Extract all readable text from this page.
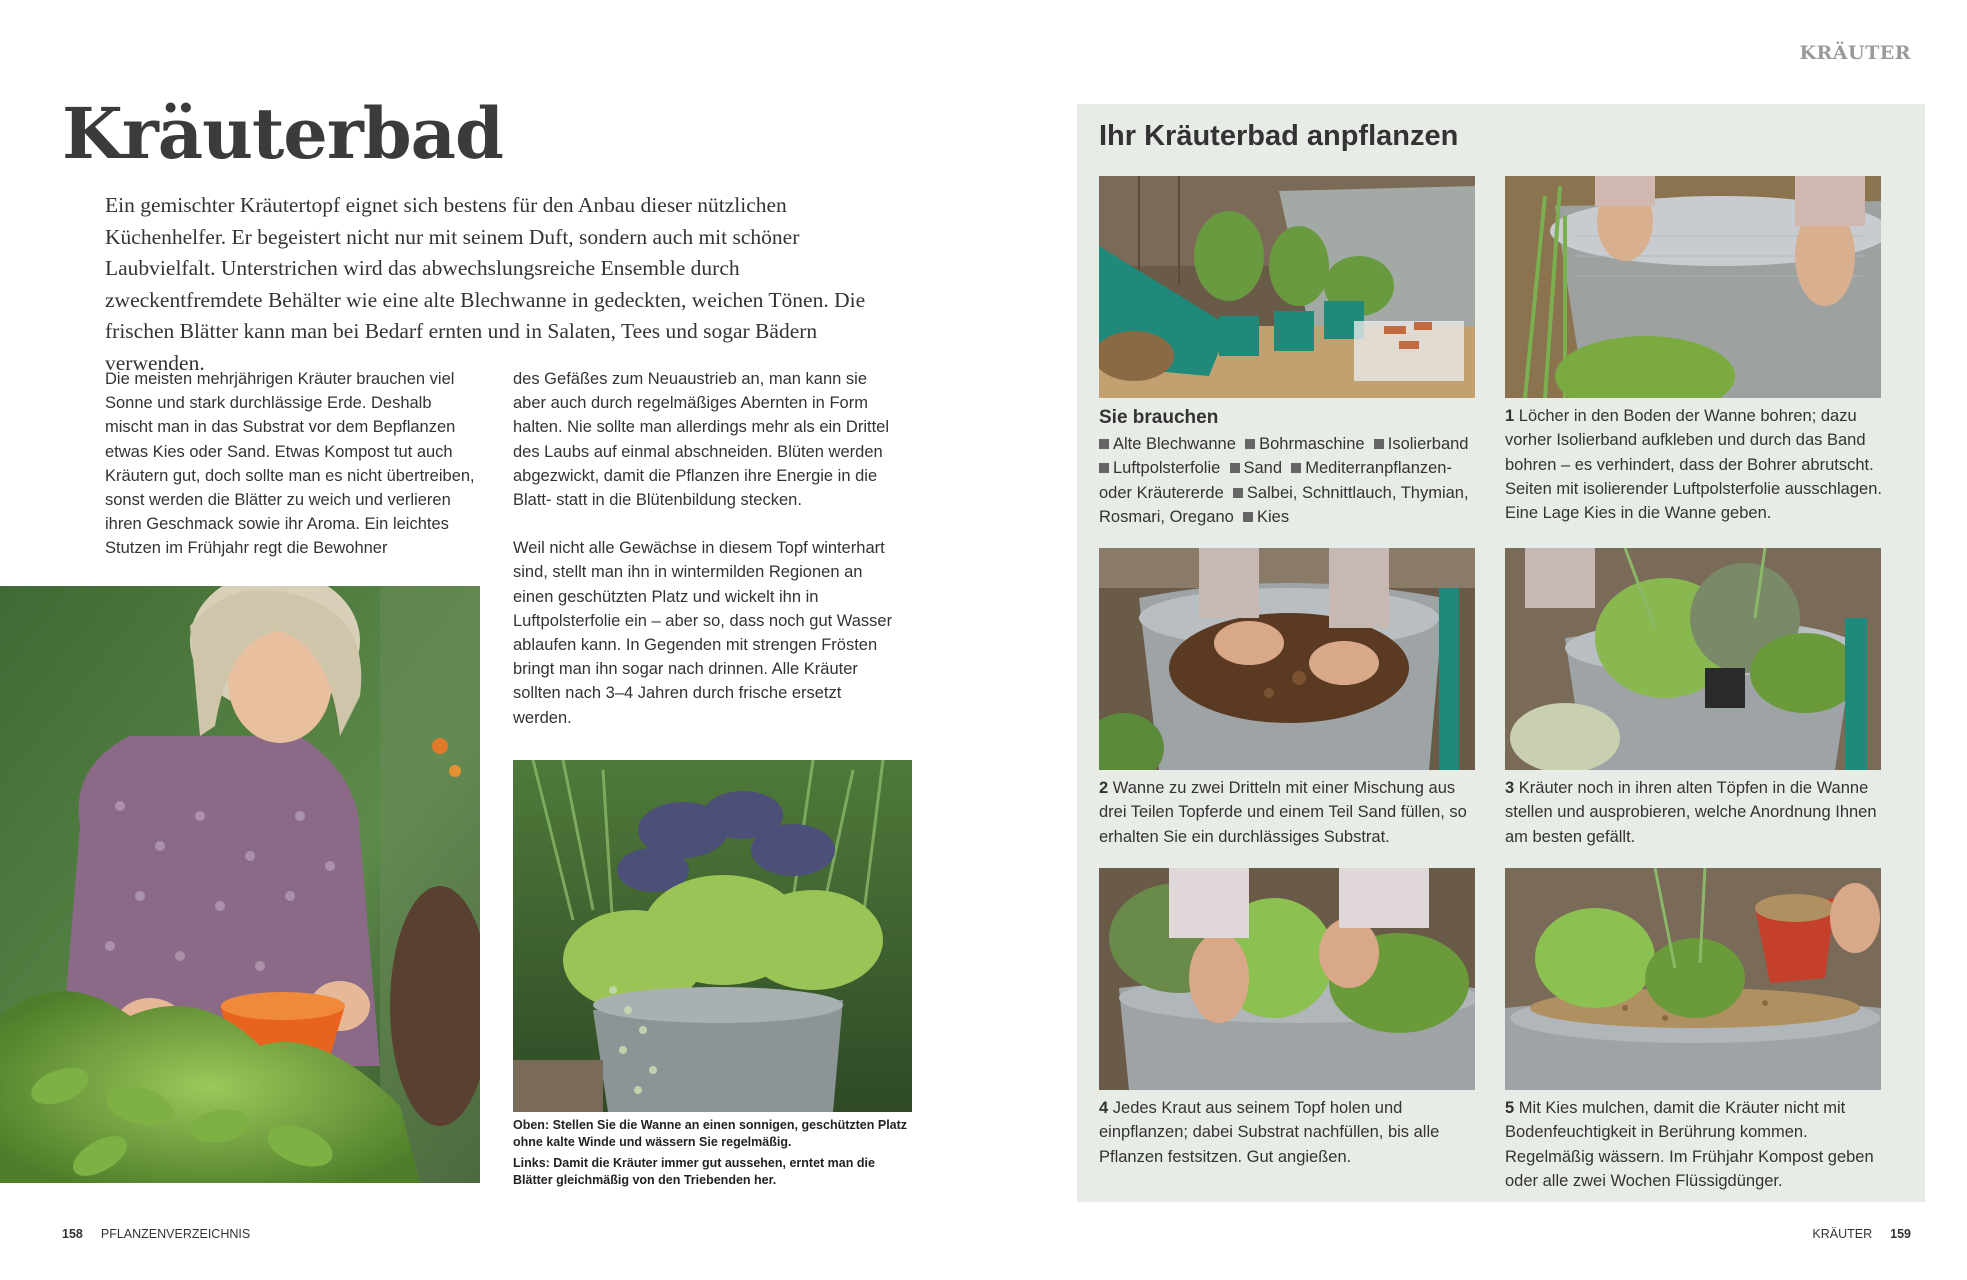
KRÄUTER
Kräuterbad

Ein gemischter Kräutertopf eignet sich bestens für den Anbau dieser nützlichen Küchenhelfer. Er begeistert nicht nur mit seinem Duft, sondern auch mit schöner Laubvielfalt. Unterstrichen wird das abwechslungsreiche Ensemble durch zweckentfremdete Behälter wie eine alte Blechwanne in gedeckten, weichen Tönen. Die frischen Blätter kann man bei Bedarf ernten und in Salaten, Tees und sogar Bädern verwenden.

Die meisten mehrjährigen Kräuter brauchen viel Sonne und stark durchlässige Erde. Deshalb mischt man in das Substrat vor dem Bepflanzen etwas Kies oder Sand. Etwas Kompost tut auch Kräutern gut, doch sollte man es nicht übertreiben, sonst werden die Blätter zu weich und verlieren ihren Geschmack sowie ihr Aroma. Ein leichtes Stutzen im Frühjahr regt die Bewohner

des Gefäßes zum Neuaustrieb an, man kann sie aber auch durch regelmäßiges Abernten in Form halten. Nie sollte man allerdings mehr als ein Drittel des Laubs auf einmal abschneiden. Blüten werden abgezwickt, damit die Pflanzen ihre Energie in die Blatt- statt in die Blütenbildung stecken.

Weil nicht alle Gewächse in diesem Topf winterhart sind, stellt man ihn in wintermilden Regionen an einen geschützten Platz und wickelt ihn in Luftpolsterfolie ein – aber so, dass noch gut Wasser ablaufen kann. In Gegenden mit strengen Frösten bringt man ihn sogar nach drinnen. Alle Kräuter sollten nach 3–4 Jahren durch frische ersetzt werden.

Oben: Stellen Sie die Wanne an einen sonnigen, geschützten Platz ohne kalte Winde und wässern Sie regelmäßig.

Links: Damit die Kräuter immer gut aussehen, erntet man die Blätter gleichmäßig von den Triebenden her.

Ihr Kräuterbad anpflanzen
Sie brauchen
Alte Blechwanne Bohrmaschine Isolierband  Luftpolsterfolie Sand Mediterranpflanzen- oder Kräutererde Salbei, Schnittlauch, Thymian, Rosmari, Oregano Kies
1 Löcher in den Boden der Wanne bohren; dazu vorher Isolierband aufkleben und durch das Band bohren – es verhindert, dass der Bohrer abrutscht. Seiten mit isolierender Luftpolsterfolie ausschlagen. Eine Lage Kies in die Wanne geben.
2 Wanne zu zwei Dritteln mit einer Mischung aus drei Teilen Topferde und einem Teil Sand füllen, so erhalten Sie ein durchlässiges Substrat.
3 Kräuter noch in ihren alten Töpfen in die Wanne stellen und ausprobieren, welche Anordnung Ihnen am besten gefällt.
4 Jedes Kraut aus seinem Topf holen und einpflanzen; dabei Substrat nachfüllen, bis alle Pflanzen festsitzen. Gut angießen.
5 Mit Kies mulchen, damit die Kräuter nicht mit Bodenfeuchtigkeit in Berührung kommen. Regelmäßig wässern. Im Frühjahr Kompost geben oder alle zwei Wochen Flüssigdünger.
158 PFLANZENVERZEICHNIS	KRÄUTER 159
